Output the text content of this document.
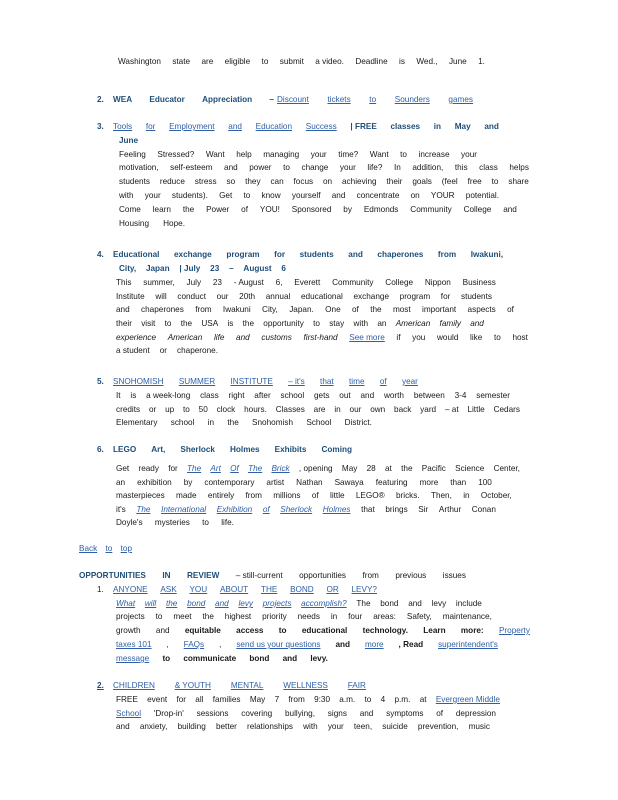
Washington state are eligible to submit a video. Deadline is Wed., June 1.
2. WEA Educator Appreciation – Discount tickets to Sounders games
3. Tools for Employment and Education Success | FREE classes in May and
June
Feeling Stressed? Want help managing your time? Want to increase your
motivation, self-esteem and power to change your life? In addition, this class helps
students reduce stress so they can focus on achieving their goals (feel free to share
with your students). Get to know yourself and concentrate on YOUR potential.
Come learn the Power of YOU! Sponsored by Edmonds Community College and
Housing Hope.
4. Educational exchange program for students and chaperones from Iwakuni,
City, Japan | July 23 – August 6
This summer, July 23 - August 6, Everett Community College Nippon Business
Institute will conduct our 20th annual educational exchange program for students
and chaperones from Iwakuni City, Japan. One of the most important aspects of
their visit to the USA is the opportunity to stay with an American family and
experience American life and customs first-hand See more if you would like to host
a student or chaperone.
5. SNOHOMISH SUMMER INSTITUTE – it's that time of year
It is a week-long class right after school gets out and worth between 3-4 semester
credits or up to 50 clock hours. Classes are in our own back yard – at Little Cedars
Elementary school in the Snohomish School District.
6. LEGO Art, Sherlock Holmes Exhibits Coming
Get ready for The Art Of The Brick , opening May 28 at the Pacific Science Center,
an exhibition by contemporary artist Nathan Sawaya featuring more than 100
masterpieces made entirely from millions of little LEGO® bricks. Then, in October,
it's The International Exhibition of Sherlock Holmes that brings Sir Arthur Conan
Doyle's mysteries to life.
Back to top
OPPORTUNITIES IN REVIEW – still-current opportunities from previous issues
1. ANYONE ASK YOU ABOUT THE BOND OR LEVY?
What will the bond and levy projects accomplish? The bond and levy include
projects to meet the highest priority needs in four areas: Safety, maintenance,
growth and equitable access to educational technology. Learn more: Property
taxes 101 , FAQs , send us your questions and more , Read superintendent's
message to communicate bond and levy.
2. CHILDREN & YOUTH MENTAL WELLNESS FAIR
FREE event for all families May 7 from 9:30 a.m. to 4 p.m. at Evergreen Middle
School 'Drop-in' sessions covering bullying, signs and symptoms of depression
and anxiety, building better relationships with your teen, suicide prevention, music
